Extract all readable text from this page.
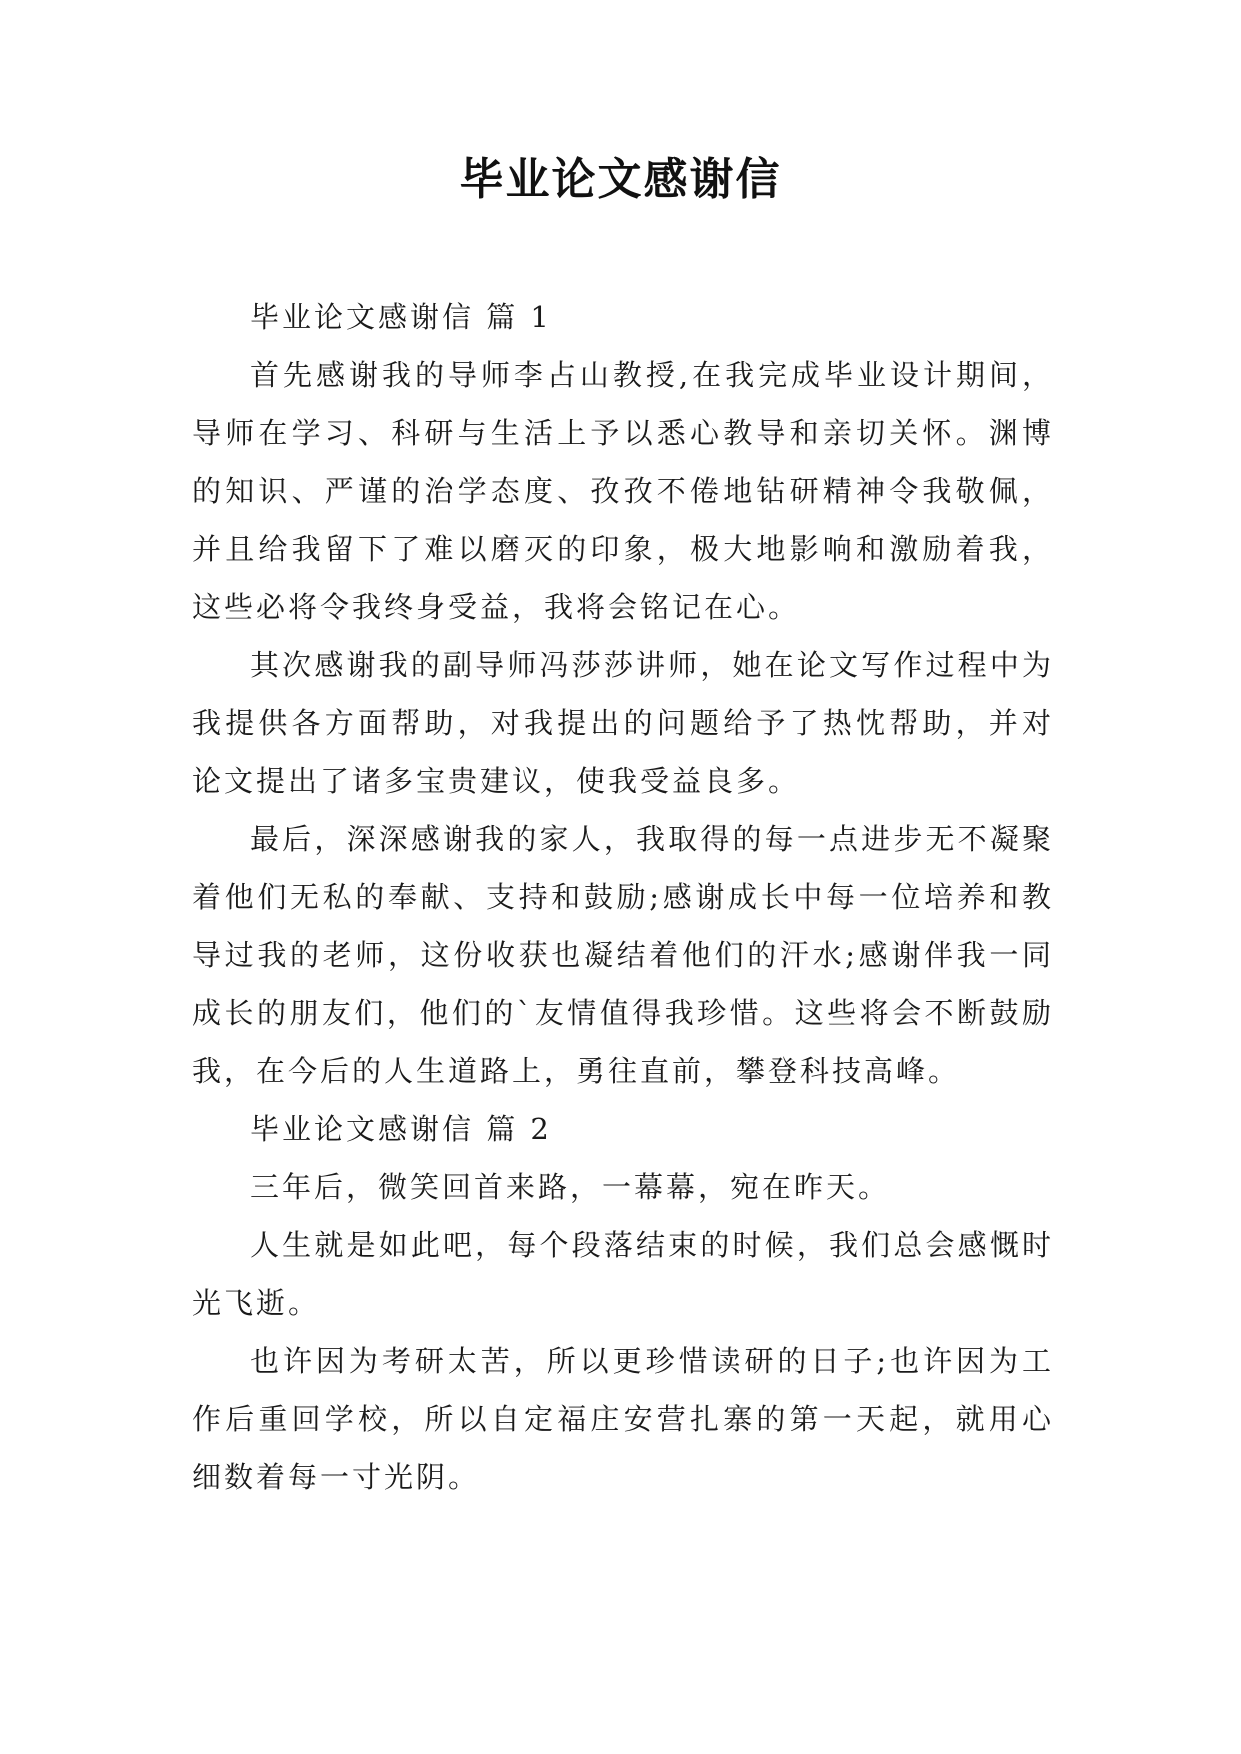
毕业论文感谢信

毕业论文感谢信 篇 1

首先感谢我的导师李占山教授,在我完成毕业设计期间，导师在学习、科研与生活上予以悉心教导和亲切关怀。渊博的知识、严谨的治学态度、孜孜不倦地钻研精神令我敬佩，并且给我留下了难以磨灭的印象，极大地影响和激励着我，这些必将令我终身受益，我将会铭记在心。

其次感谢我的副导师冯莎莎讲师，她在论文写作过程中为我提供各方面帮助，对我提出的问题给予了热忱帮助，并对论文提出了诸多宝贵建议，使我受益良多。

最后，深深感谢我的家人，我取得的每一点进步无不凝聚着他们无私的奉献、支持和鼓励;感谢成长中每一位培养和教导过我的老师，这份收获也凝结着他们的汗水;感谢伴我一同成长的朋友们，他们的`友情值得我珍惜。这些将会不断鼓励我，在今后的人生道路上，勇往直前，攀登科技高峰。

毕业论文感谢信 篇 2

三年后，微笑回首来路，一幕幕，宛在昨天。

人生就是如此吧，每个段落结束的时候，我们总会感慨时光飞逝。

也许因为考研太苦，所以更珍惜读研的日子;也许因为工作后重回学校，所以自定福庄安营扎寨的第一天起，就用心细数着每一寸光阴。
